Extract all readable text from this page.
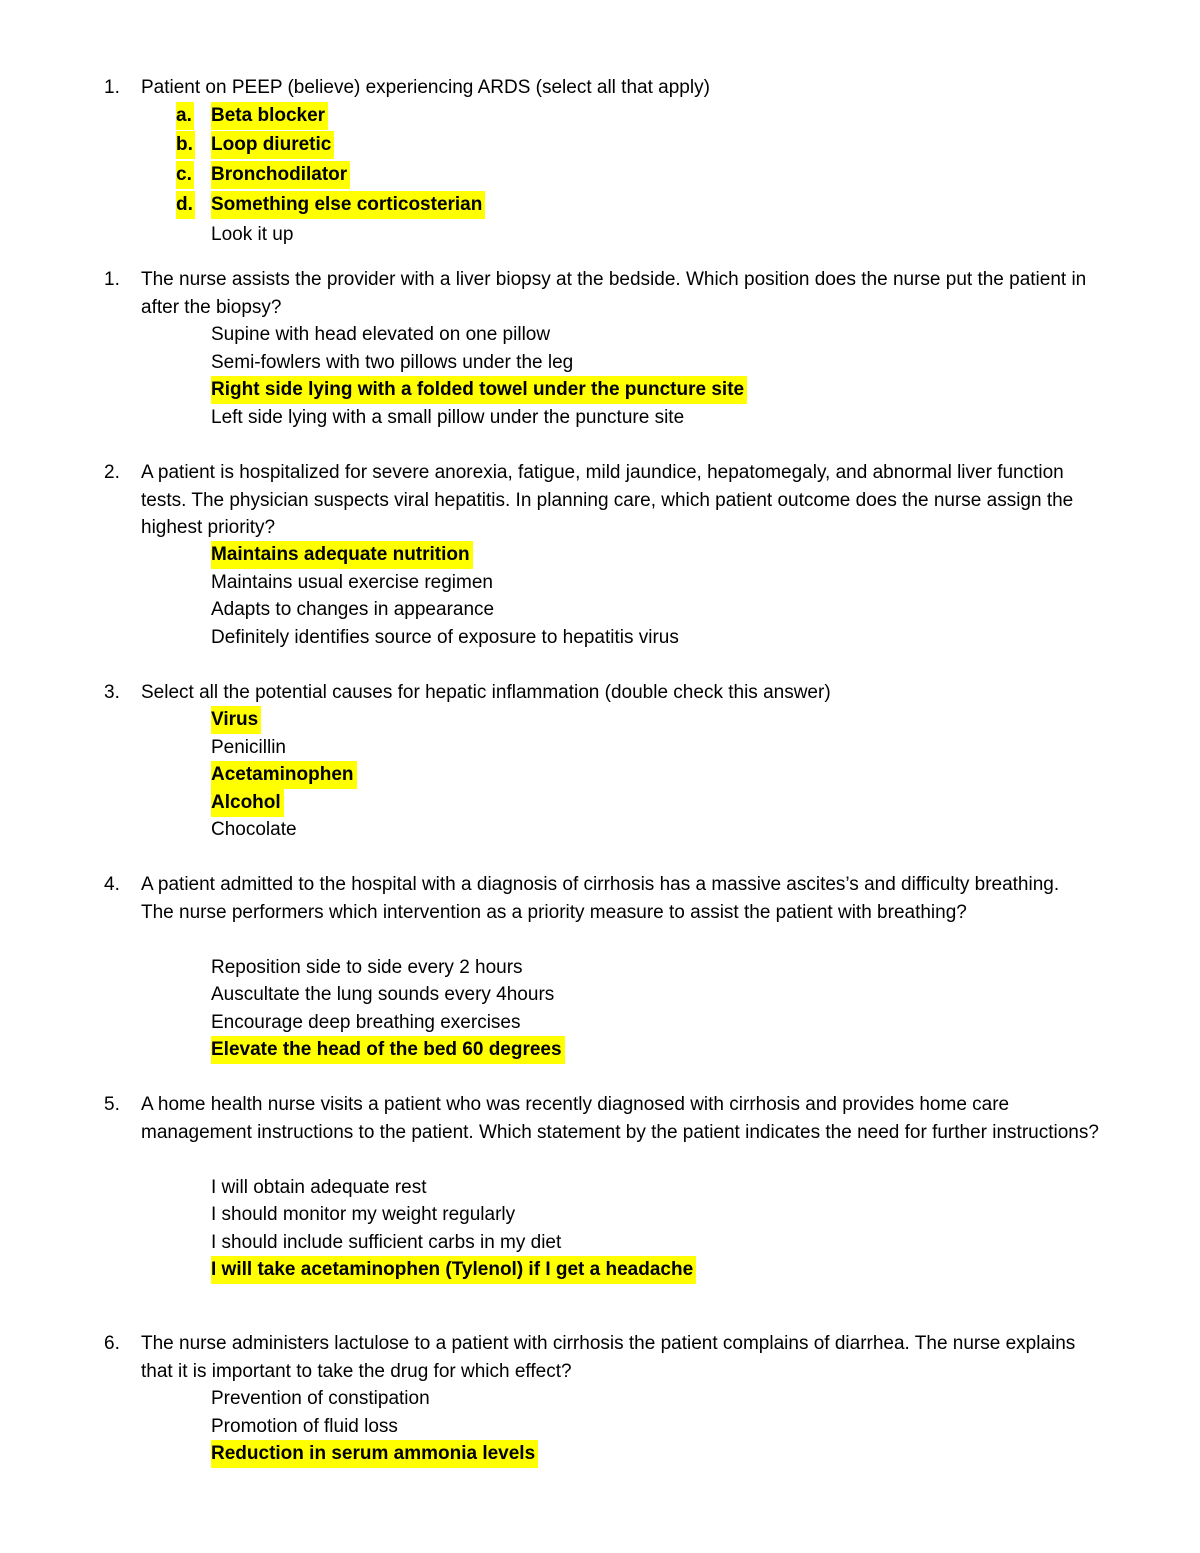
1.	Patient on PEEP (believe) experiencing ARDS (select all that apply)
a. Beta blocker
b. Loop diuretic
c. Bronchodilator
d. Something else corticosterian
Look it up
1.	The nurse assists the provider with a liver biopsy at the bedside. Which position does the nurse put the patient in after the biopsy?
Supine with head elevated on one pillow
Semi-fowlers with two pillows under the leg
Right side lying with a folded towel under the puncture site
Left side lying with a small pillow under the puncture site
2.	A patient is hospitalized for severe anorexia, fatigue, mild jaundice, hepatomegaly, and abnormal liver function tests. The physician suspects viral hepatitis. In planning care, which patient outcome does the nurse assign the highest priority?
Maintains adequate nutrition
Maintains usual exercise regimen
Adapts to changes in appearance
Definitely identifies source of exposure to hepatitis virus
3.	Select all the potential causes for hepatic inflammation (double check this answer)
Virus
Penicillin
Acetaminophen
Alcohol
Chocolate
4.	A patient admitted to the hospital with a diagnosis of cirrhosis has a massive ascites’s and difficulty breathing. The nurse performers which intervention as a priority measure to assist the patient with breathing?
Reposition side to side every 2 hours
Auscultate the lung sounds every 4hours
Encourage deep breathing exercises
Elevate the head of the bed 60 degrees
5.	A home health nurse visits a patient who was recently diagnosed with cirrhosis and provides home care management instructions to the patient. Which statement by the patient indicates the need for further instructions?
I will obtain adequate rest
I should monitor my weight regularly
I should include sufficient carbs in my diet
I will take acetaminophen (Tylenol) if I get a headache
6.	The nurse administers lactulose to a patient with cirrhosis the patient complains of diarrhea. The nurse explains that it is important to take the drug for which effect?
Prevention of constipation
Promotion of fluid loss
Reduction in serum ammonia levels
